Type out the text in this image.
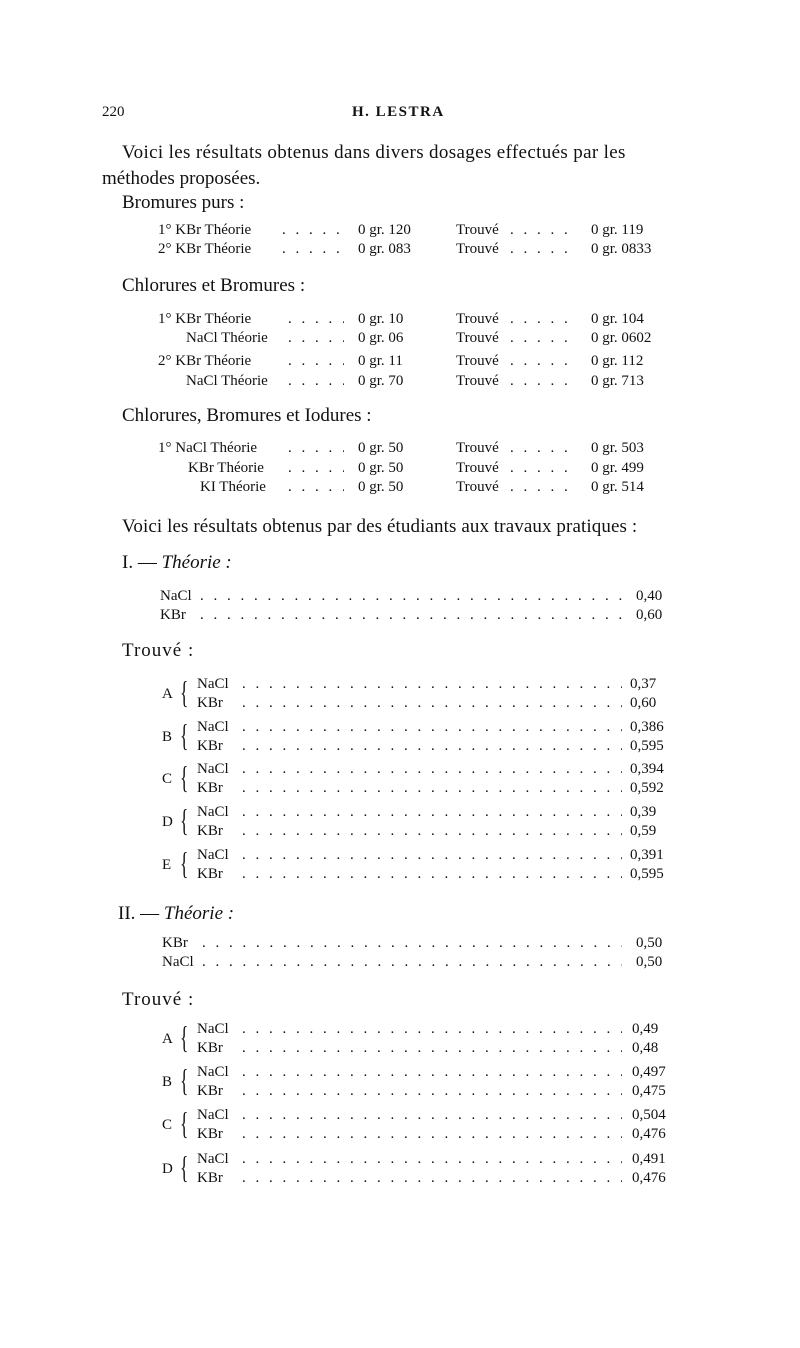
220	H. LESTRA
Voici les résultats obtenus dans divers dosages effectués par les
méthodes proposées.
Bromures purs :
1° KBr Théorie . . .	0 gr. 120	Trouvé . . .	0 gr. 119
2° KBr Théorie . . .	0 gr. 083	Trouvé . . .	0 gr. 0833
Chlorures et Bromures :
1° KBr Théorie . . .	0 gr. 10	Trouvé . . .	0 gr. 104
NaCl Théorie . . .	0 gr. 06	Trouvé . . .	0 gr. 0602
2° KBr Théorie . . .	0 gr. 11	Trouvé . . .	0 gr. 112
NaCl Théorie . . .	0 gr. 70	Trouvé . . .	0 gr. 713
Chlorures, Bromures et Iodures :
1° NaCl Théorie . . .	0 gr. 50	Trouvé . . .	0 gr. 503
KBr Théorie . . .	0 gr. 50	Trouvé . . .	0 gr. 499
KI Théorie . . .	0 gr. 50	Trouvé . . .	0 gr. 514
Voici les résultats obtenus par des étudiants aux travaux pratiques :
I. — Théorie :
NaCl . . .	0,40
KBr . . .	0,60
Trouvé :
A { NaCl . . .	0,37
KBr . . .	0,60
B { NaCl . . .	0,386
KBr . . .	0,595
C { NaCl . . .	0,394
KBr . . .	0,592
D { NaCl . . .	0,39
KBr . . .	0,59
E { NaCl . . .	0,391
KBr . . .	0,595
II. — Théorie :
KBr . . .	0,50
NaCl . . .	0,50
Trouvé :
A { NaCl . . .	0,49
KBr . . .	0,48
B { NaCl . . .	0,497
KBr . . .	0,475
C { NaCl . . .	0,504
KBr . . .	0,476
D { NaCl . . .	0,491
KBr . . .	0,476
